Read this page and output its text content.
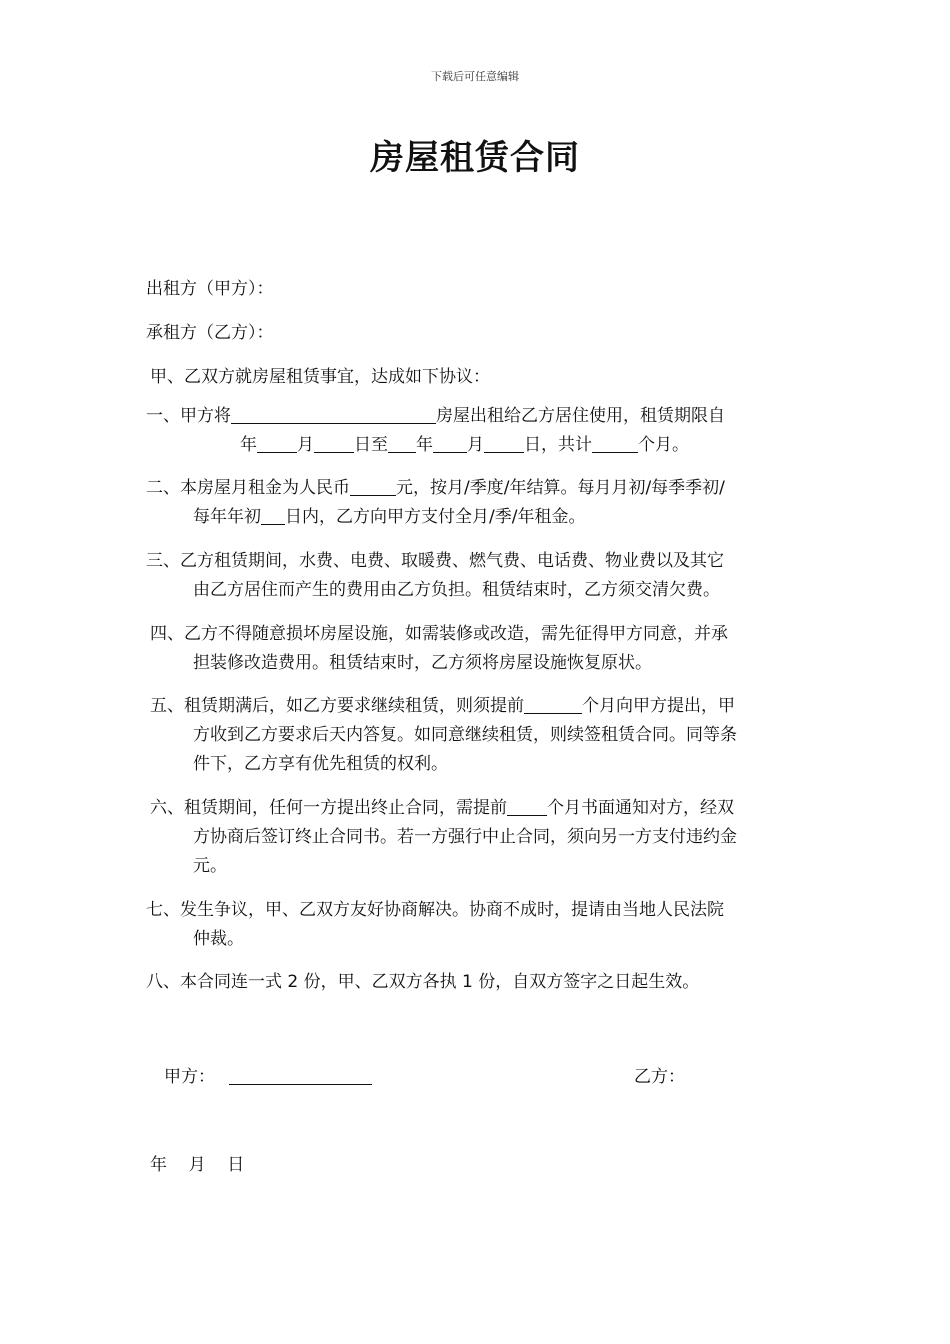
下载后可任意编辑
房屋租赁合同
出租方（甲方）：
承租方（乙方）：
甲、乙双方就房屋租赁事宜，达成如下协议：
一、甲方将	房屋出租给乙方居住使用，租赁期限自
年 月 日至 年 月 日，共计	个月。
二、本房屋月租金为人民币	元，按月/季度/年结算。每月月初/每季季初/
每年年初 日内，乙方向甲方支付全月/季/年租金。
三、乙方租赁期间，水费、电费、取暖费、燃气费、电话费、物业费以及其它
由乙方居住而产生的费用由乙方负担。租赁结束时，乙方须交清欠费。
四、乙方不得随意损坏房屋设施，如需装修或改造，需先征得甲方同意，并承
担装修改造费用。租赁结束时，乙方须将房屋设施恢复原状。
五、租赁期满后，如乙方要求继续租赁，则须提前	个月向甲方提出，甲
方收到乙方要求后天内答复。如同意继续租赁，则续签租赁合同。同等条
件下，乙方享有优先租赁的权利。
六、租赁期间，任何一方提出终止合同，需提前 个月书面通知对方，经双
方协商后签订终止合同书。若一方强行中止合同，须向另一方支付违约金
元。
七、发生争议，甲、乙双方友好协商解决。协商不成时，提请由当地人民法院
仲裁。
八、本合同连一式 2 份，甲、乙双方各执 1 份，自双方签字之日起生效。
甲方：	乙方：
年    月    日
